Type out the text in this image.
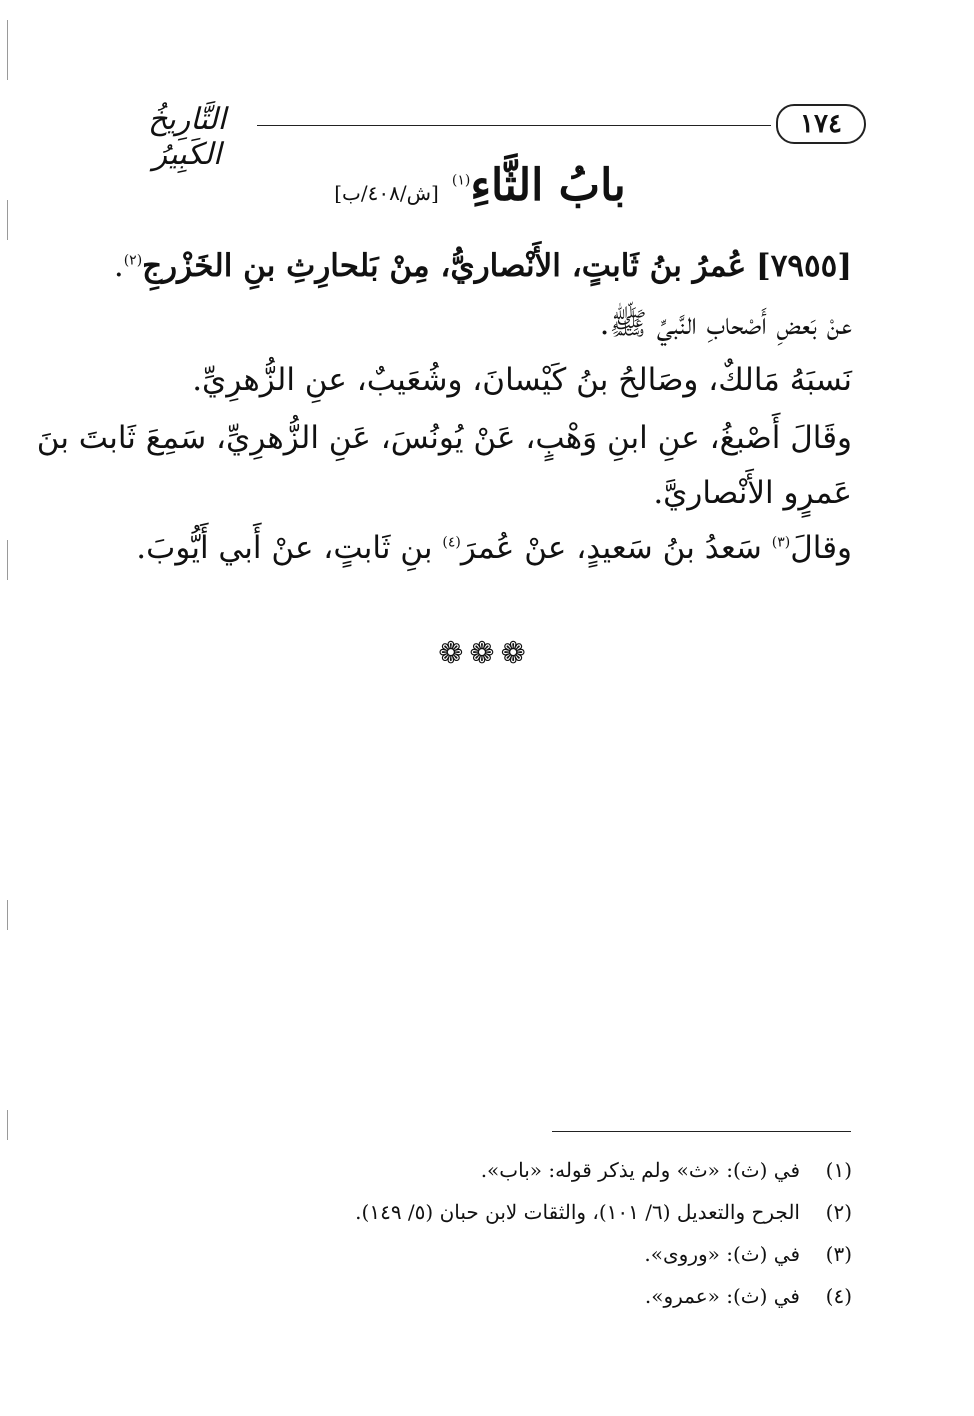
التَّارِيخُ الكَبِيرُ
١٧٤
بابُ الثَّاءِ$^{(١)}$ [ش/٤٠٨/ب]
[٧٩٥٥] عُمرُ بنُ ثَابتٍ، الأَنْصاريُّ، مِنْ بَلحارِثِ بنِ الخَزْرجِ$^{(٢)}$.
عنْ بَعضِ أَصْحابِ النَّبيِّ ﷺ.
نَسبَهُ مَالكٌ، وصَالحُ بنُ كَيْسانَ، وشُعَيبٌ، عنِ الزُّهرِيِّ.
وقَالَ أَصْبغُ، عنِ ابنِ وَهْبٍ، عَنْ يُونُسَ، عَنِ الزُّهرِيِّ، سَمِعَ ثَابتَ بنَ
عَمرٍو الأَنْصاريَّ.
وقالَ$^{(٣)}$ سَعدُ بنُ سَعيدٍ، عنْ عُمرَ$^{(٤)}$ بنِ ثَابتٍ، عنْ أَبي أَيُّوبَ.
❁ ❁ ❁
(١)
في (ث): «ث» ولم يذكر قوله: «باب».
(٢)
الجرح والتعديل (٦/ ١٠١)، والثقات لابن حبان (٥/ ١٤٩).
(٣)
في (ث): «وروى».
(٤)
في (ث): «عمرو».
